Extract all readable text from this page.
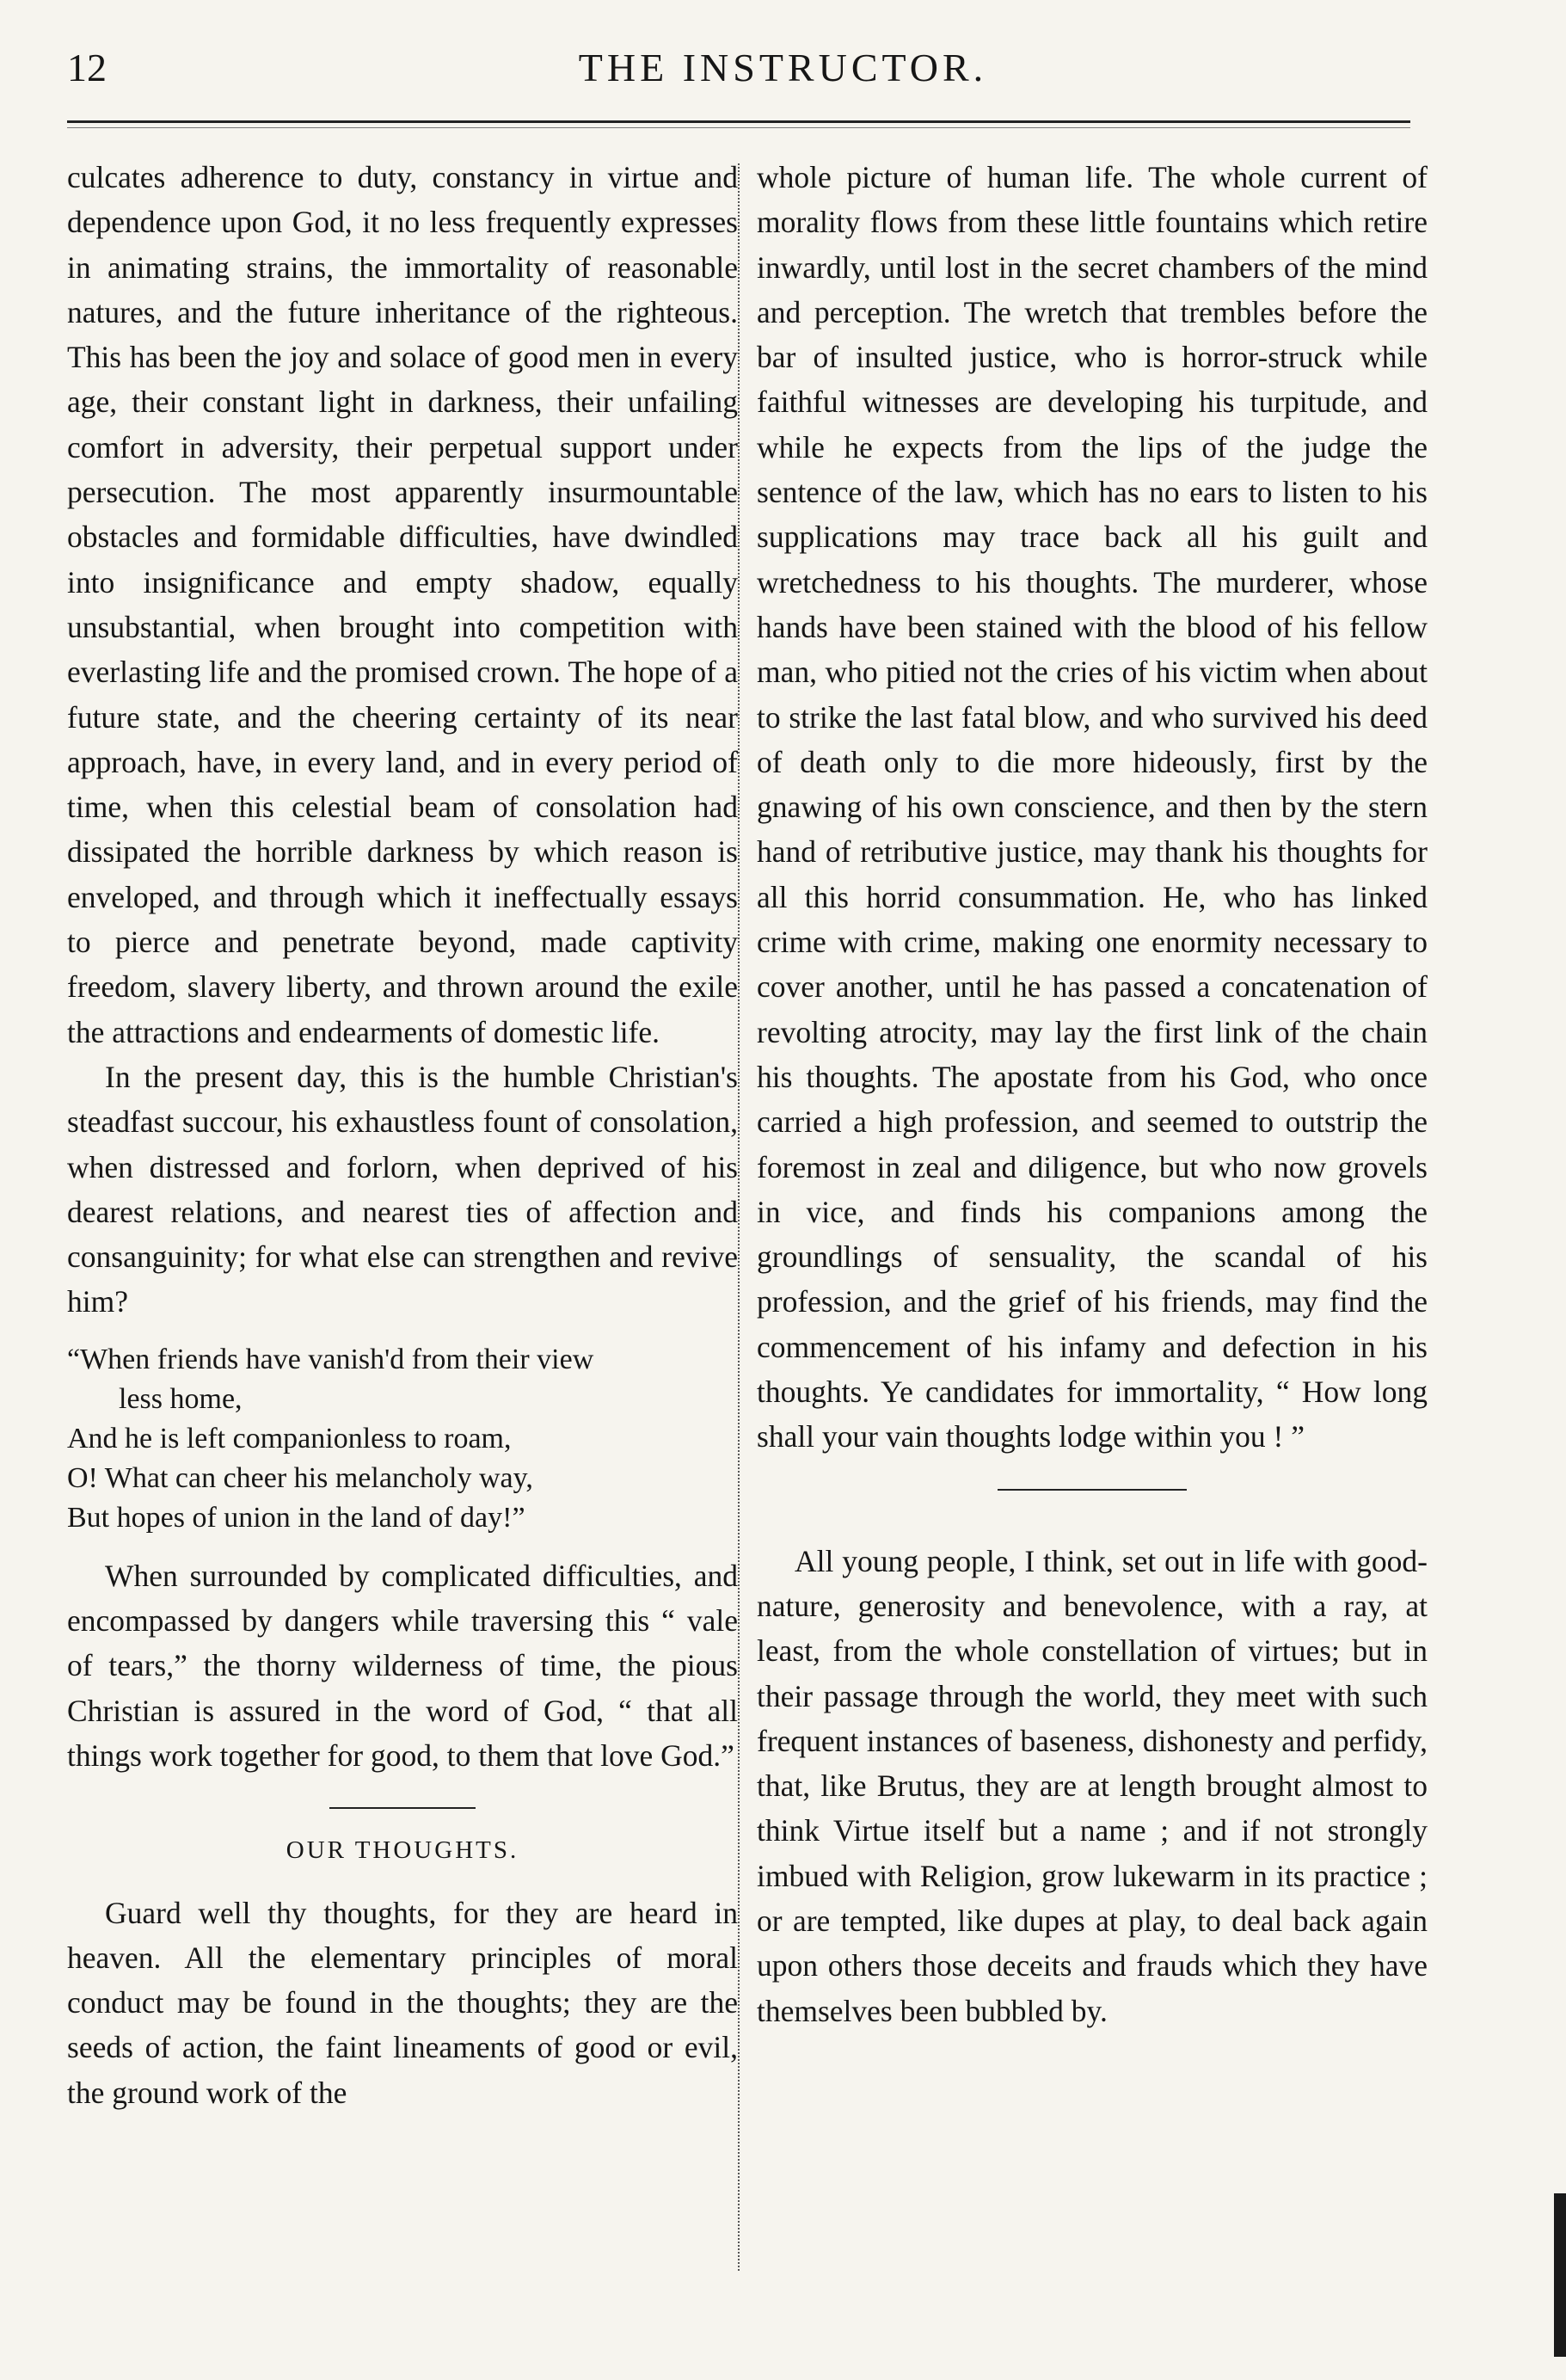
12	THE INSTRUCTOR.

culcates adherence to duty, constancy in virtue and dependence upon God, it no less frequently expresses in animating strains, the immortality of reasonable natures, and the future inheritance of the righteous. This has been the joy and solace of good men in every age, their constant light in darkness, their unfailing comfort in adversity, their perpetual support under persecution. The most apparently insurmountable obstacles and formidable difficulties, have dwindled into insignificance and empty shadow, equally unsubstantial, when brought into competition with everlasting life and the promised crown. The hope of a future state, and the cheering certainty of its near approach, have, in every land, and in every period of time, when this celestial beam of consolation had dissipated the horrible darkness by which reason is enveloped, and through which it ineffectually essays to pierce and penetrate beyond, made captivity freedom, slavery liberty, and thrown around the exile the attractions and endearments of domestic life.

In the present day, this is the humble Christian's steadfast succour, his exhaustless fount of consolation, when distressed and forlorn, when deprived of his dearest relations, and nearest ties of affection and consanguinity; for what else can strengthen and revive him?

“When friends have vanish'd from their view
less home,
And he is left companionless to roam,
O! What can cheer his melancholy way,
But hopes of union in the land of day!”

When surrounded by complicated difficulties, and encompassed by dangers while traversing this “ vale of tears,” the thorny wilderness of time, the pious Christian is assured in the word of God, “ that all things work together for good, to them that love God.”

OUR THOUGHTS.

Guard well thy thoughts, for they are heard in heaven. All the elementary principles of moral conduct may be found in the thoughts; they are the seeds of action, the faint lineaments of good or evil, the ground work of the

whole picture of human life. The whole current of morality flows from these little fountains which retire inwardly, until lost in the secret chambers of the mind and perception. The wretch that trembles before the bar of insulted justice, who is horror-struck while faithful witnesses are developing his turpitude, and while he expects from the lips of the judge the sentence of the law, which has no ears to listen to his supplications may trace back all his guilt and wretchedness to his thoughts. The murderer, whose hands have been stained with the blood of his fellow man, who pitied not the cries of his victim when about to strike the last fatal blow, and who survived his deed of death only to die more hideously, first by the gnawing of his own conscience, and then by the stern hand of retributive justice, may thank his thoughts for all this horrid consummation. He, who has linked crime with crime, making one enormity necessary to cover another, until he has passed a concatenation of revolting atrocity, may lay the first link of the chain his thoughts. The apostate from his God, who once carried a high profession, and seemed to outstrip the foremost in zeal and diligence, but who now grovels in vice, and finds his companions among the groundlings of sensuality, the scandal of his profession, and the grief of his friends, may find the commencement of his infamy and defection in his thoughts. Ye candidates for immortality, “ How long shall your vain thoughts lodge within you ! ”

All young people, I think, set out in life with good-nature, generosity and benevolence, with a ray, at least, from the whole constellation of virtues; but in their passage through the world, they meet with such frequent instances of baseness, dishonesty and perfidy, that, like Brutus, they are at length brought almost to think Virtue itself but a name ; and if not strongly imbued with Religion, grow lukewarm in its practice ; or are tempted, like dupes at play, to deal back again upon others those deceits and frauds which they have themselves been bubbled by.
